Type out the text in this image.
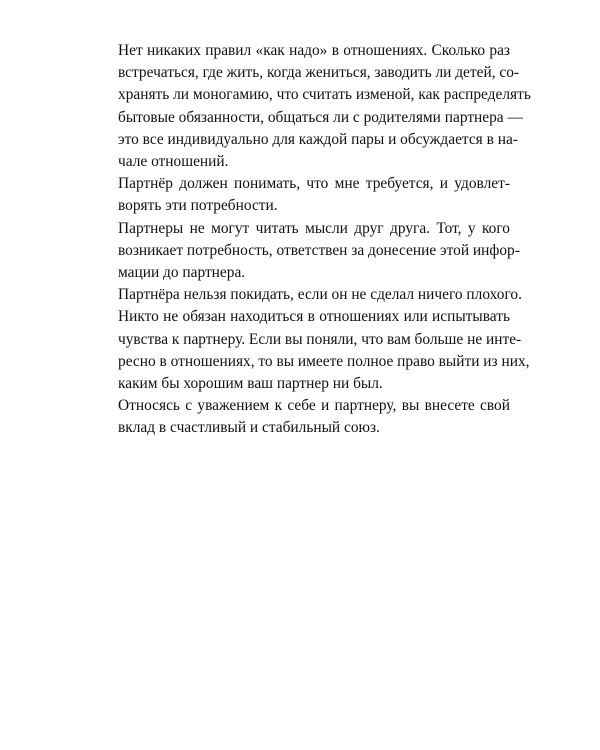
Нет никаких правил «как надо» в отношениях. Сколько раз
встречаться, где жить, когда жениться, заводить ли детей, со-
хранять ли моногамию, что считать изменой, как распределять
бытовые обязанности, общаться ли с родителями партнера —
это все индивидуально для каждой пары и обсуждается в на-
чале отношений.

Партнёр должен понимать, что мне требуется, и удовлет-
ворять эти потребности.

Партнеры не могут читать мысли друг друга. Тот, у кого
возникает потребность, ответствен за донесение этой инфор-
мации до партнера.

Партнёра нельзя покидать, если он не сделал ничего плохого.

Никто не обязан находиться в отношениях или испытывать
чувства к партнеру. Если вы поняли, что вам больше не инте-
ресно в отношениях, то вы имеете полное право выйти из них,
каким бы хорошим ваш партнер ни был.

Относясь с уважением к себе и партнеру, вы внесете свой
вклад в счастливый и стабильный союз.
